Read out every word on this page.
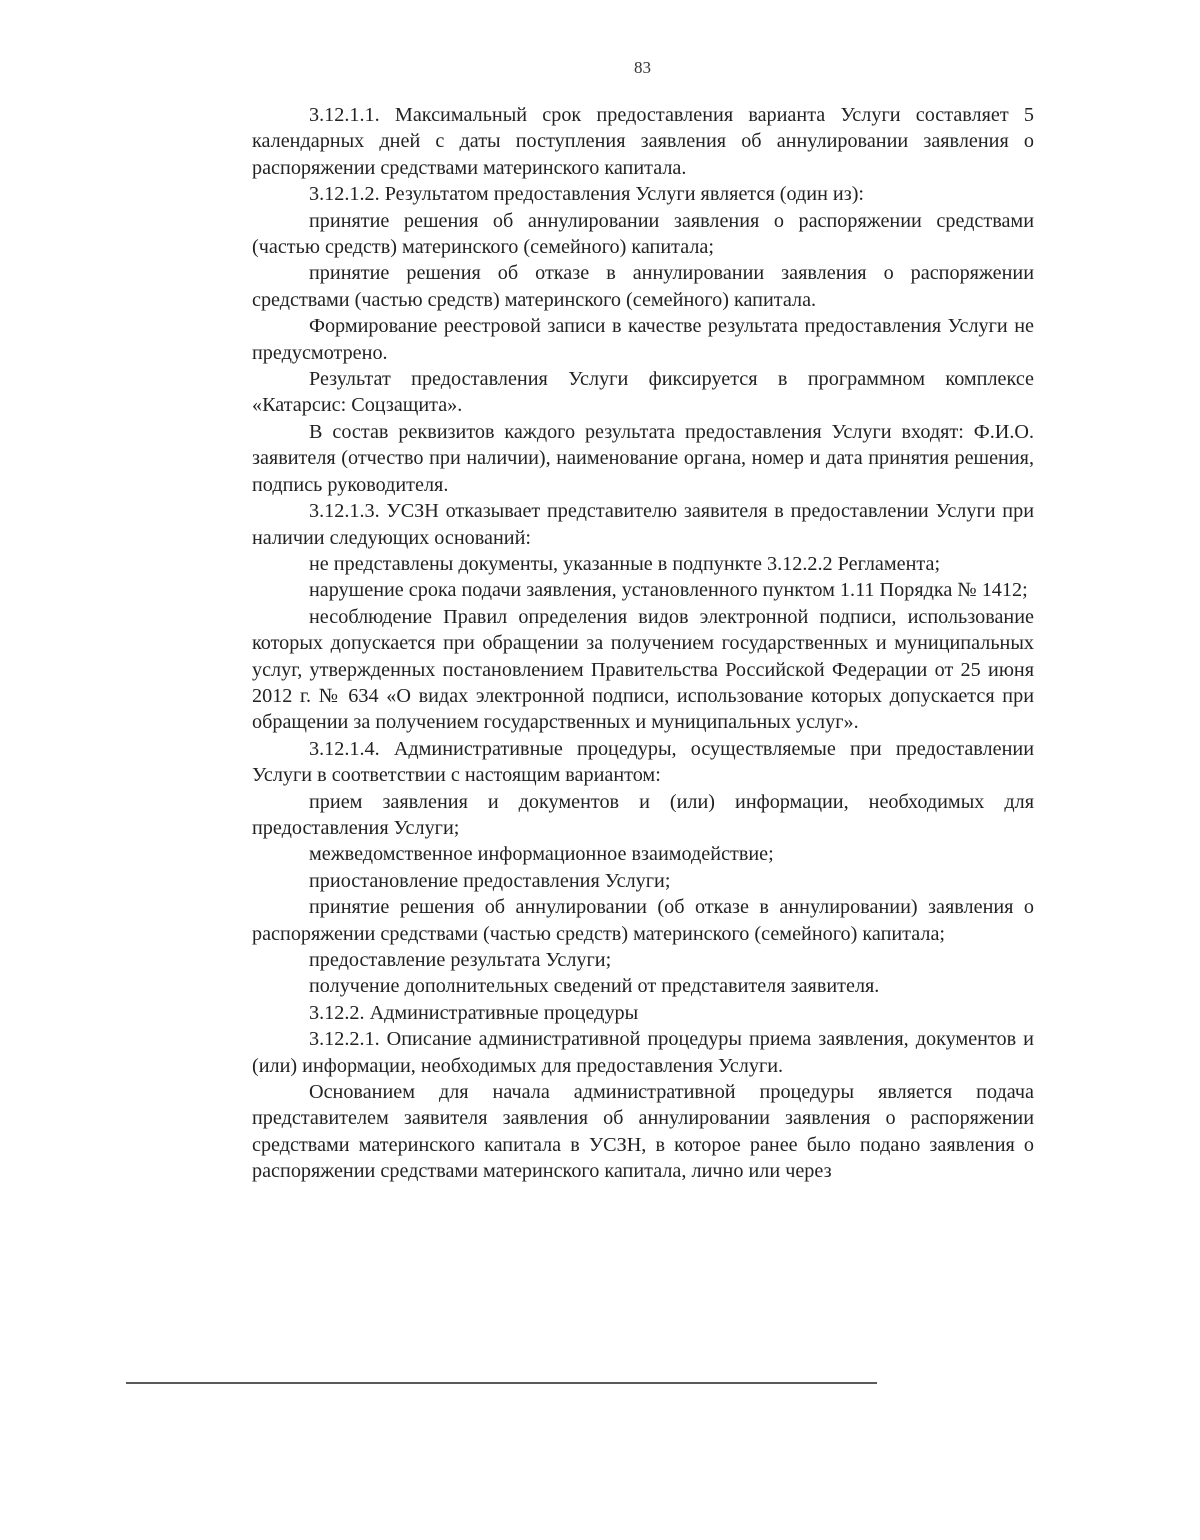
83

3.12.1.1. Максимальный срок предоставления варианта Услуги составляет 5 календарных дней с даты поступления заявления об аннулировании заявления о распоряжении средствами материнского капитала.

3.12.1.2. Результатом предоставления Услуги является (один из):

принятие решения об аннулировании заявления о распоряжении средствами (частью средств) материнского (семейного) капитала;

принятие решения об отказе в аннулировании заявления о распоряжении средствами (частью средств) материнского (семейного) капитала.

Формирование реестровой записи в качестве результата предоставления Услуги не предусмотрено.

Результат предоставления Услуги фиксируется в программном комплексе «Катарсис: Соцзащита».

В состав реквизитов каждого результата предоставления Услуги входят: Ф.И.О. заявителя (отчество при наличии), наименование органа, номер и дата принятия решения, подпись руководителя.

3.12.1.3. УСЗН отказывает представителю заявителя в предоставлении Услуги при наличии следующих оснований:

не представлены документы, указанные в подпункте 3.12.2.2 Регламента;

нарушение срока подачи заявления, установленного пунктом 1.11 Порядка № 1412;

несоблюдение Правил определения видов электронной подписи, использование которых допускается при обращении за получением государственных и муниципальных услуг, утвержденных постановлением Правительства Российской Федерации от 25 июня 2012 г. № 634 «О видах электронной подписи, использование которых допускается при обращении за получением государственных и муниципальных услуг».

3.12.1.4. Административные процедуры, осуществляемые при предоставлении Услуги в соответствии с настоящим вариантом:

прием заявления и документов и (или) информации, необходимых для предоставления Услуги;

межведомственное информационное взаимодействие;

приостановление предоставления Услуги;

принятие решения об аннулировании (об отказе в аннулировании) заявления о распоряжении средствами (частью средств) материнского (семейного) капитала;

предоставление результата Услуги;

получение дополнительных сведений от представителя заявителя.

3.12.2. Административные процедуры

3.12.2.1. Описание административной процедуры приема заявления, документов и (или) информации, необходимых для предоставления Услуги.

Основанием для начала административной процедуры является подача представителем заявителя заявления об аннулировании заявления о распоряжении средствами материнского капитала в УСЗН, в которое ранее было подано заявления о распоряжении средствами материнского капитала, лично или через
